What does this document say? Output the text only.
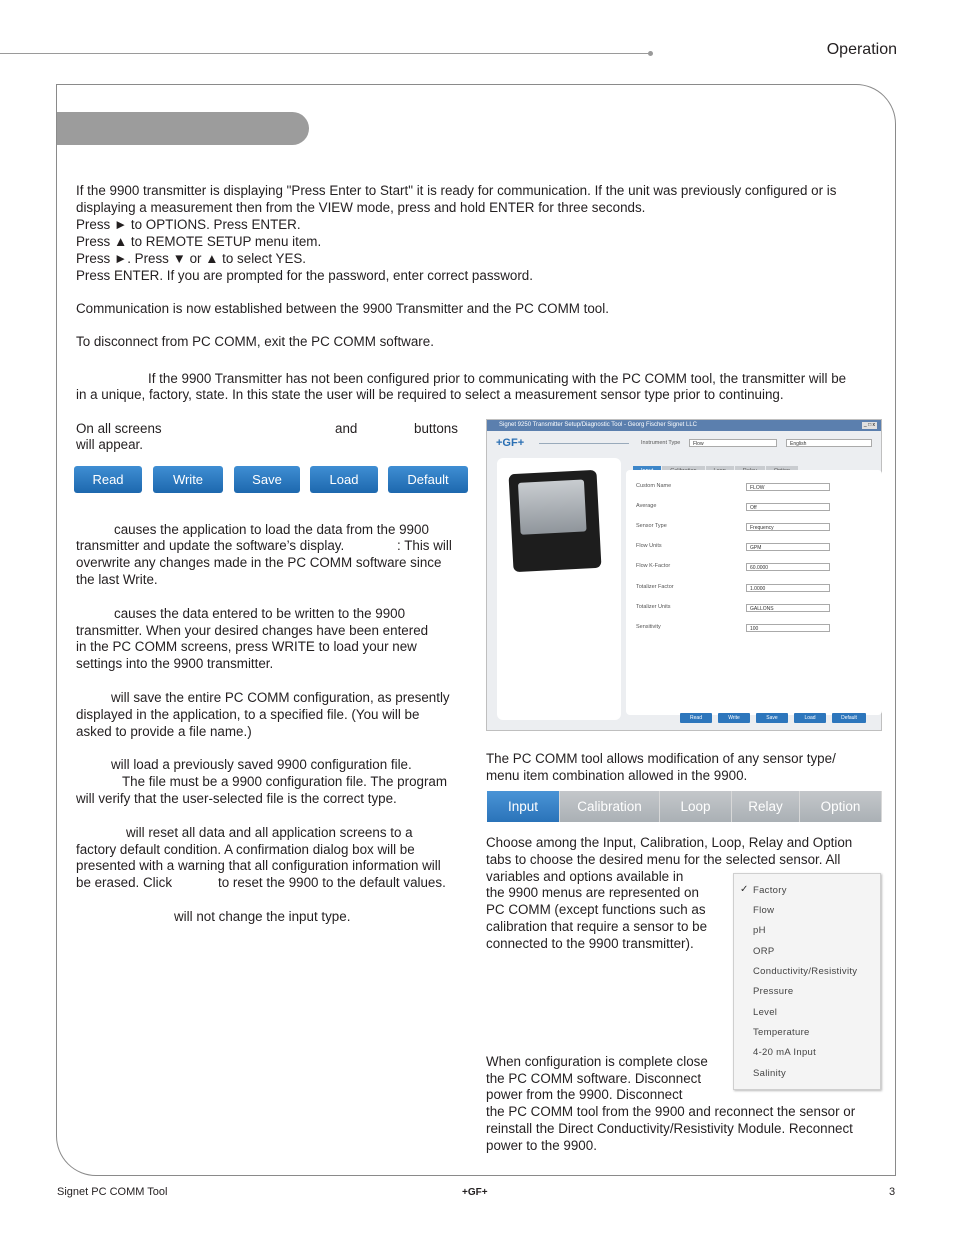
Operation

If the 9900 transmitter is displaying "Press Enter to Start" it is ready for communication. If the unit was previously configured or is displaying a measurement then from the VIEW mode, press and hold ENTER for three seconds.

Press ► to OPTIONS. Press ENTER.

Press ▲ to REMOTE SETUP menu item.

Press ►. Press ▼ or ▲ to select YES.

Press ENTER. If you are prompted for the password, enter correct password.

Communication is now established between the 9900 Transmitter and the PC COMM tool.

To disconnect from PC COMM, exit the PC COMM software.

If the 9900 Transmitter has not been configured prior to communicating with the PC COMM tool, the transmitter will be

in a unique, factory, state. In this state the user will be required to select a measurement sensor type prior to continuing.

On all screens	and	buttons

will appear.

Read	Write	Save	Load	Default

causes the application to load the data from the 9900

transmitter and update the software’s display.	: This will

overwrite any changes made in the PC COMM software since

the last Write.

causes the data entered to be written to the 9900

transmitter. When your desired changes have been entered

in the PC COMM screens, press WRITE to load your new

settings into the 9900 transmitter.

will save the entire PC COMM configuration, as presently

displayed in the application, to a specified file. (You will be

asked to provide a file name.)

will load a previously saved 9900 configuration file.

The file must be a 9900 configuration file. The program

will verify that the user-selected file is the correct type.

will reset all data and all application screens to a

factory default condition. A confirmation dialog box will be

presented with a warning that all configuration information will

be erased. Click	to reset the 9900 to the default values.

will not change the input type.

Signet 9250 Transmitter Setup/Diagnostic Tool - Georg Fischer Signet LLC	_ □ x
+GF+	Instrument Type	Flow	English
Custom Name	FLOW
Average	Off
Sensor Type	Frequency
Flow Units	GPM
Flow K-Factor	60.0000
Totalizer Factor	1.0000
Totalizer Units	GALLONS
Sensitivity	100
Read	Write	Save	Load	Default

The PC COMM tool allows modification of any sensor type/

menu item combination allowed in the 9900.

Input	Calibration	Loop	Relay	Option

Choose among the Input, Calibration, Loop, Relay and Option

tabs to choose the desired menu for the selected sensor. All

variables and options available in

the 9900 menus are represented on

PC COMM (except functions such as

calibration that require a sensor to be

connected to the 9900 transmitter).

✓ Factory
Flow
pH
ORP
Conductivity/Resistivity
Pressure
Level
Temperature
4-20 mA Input
Salinity

When configuration is complete close

the PC COMM software. Disconnect

power from the 9900. Disconnect

the PC COMM tool from the 9900 and reconnect the sensor or

reinstall the Direct Conductivity/Resistivity Module. Reconnect

power to the 9900.

Signet PC COMM Tool	+GF+	3
